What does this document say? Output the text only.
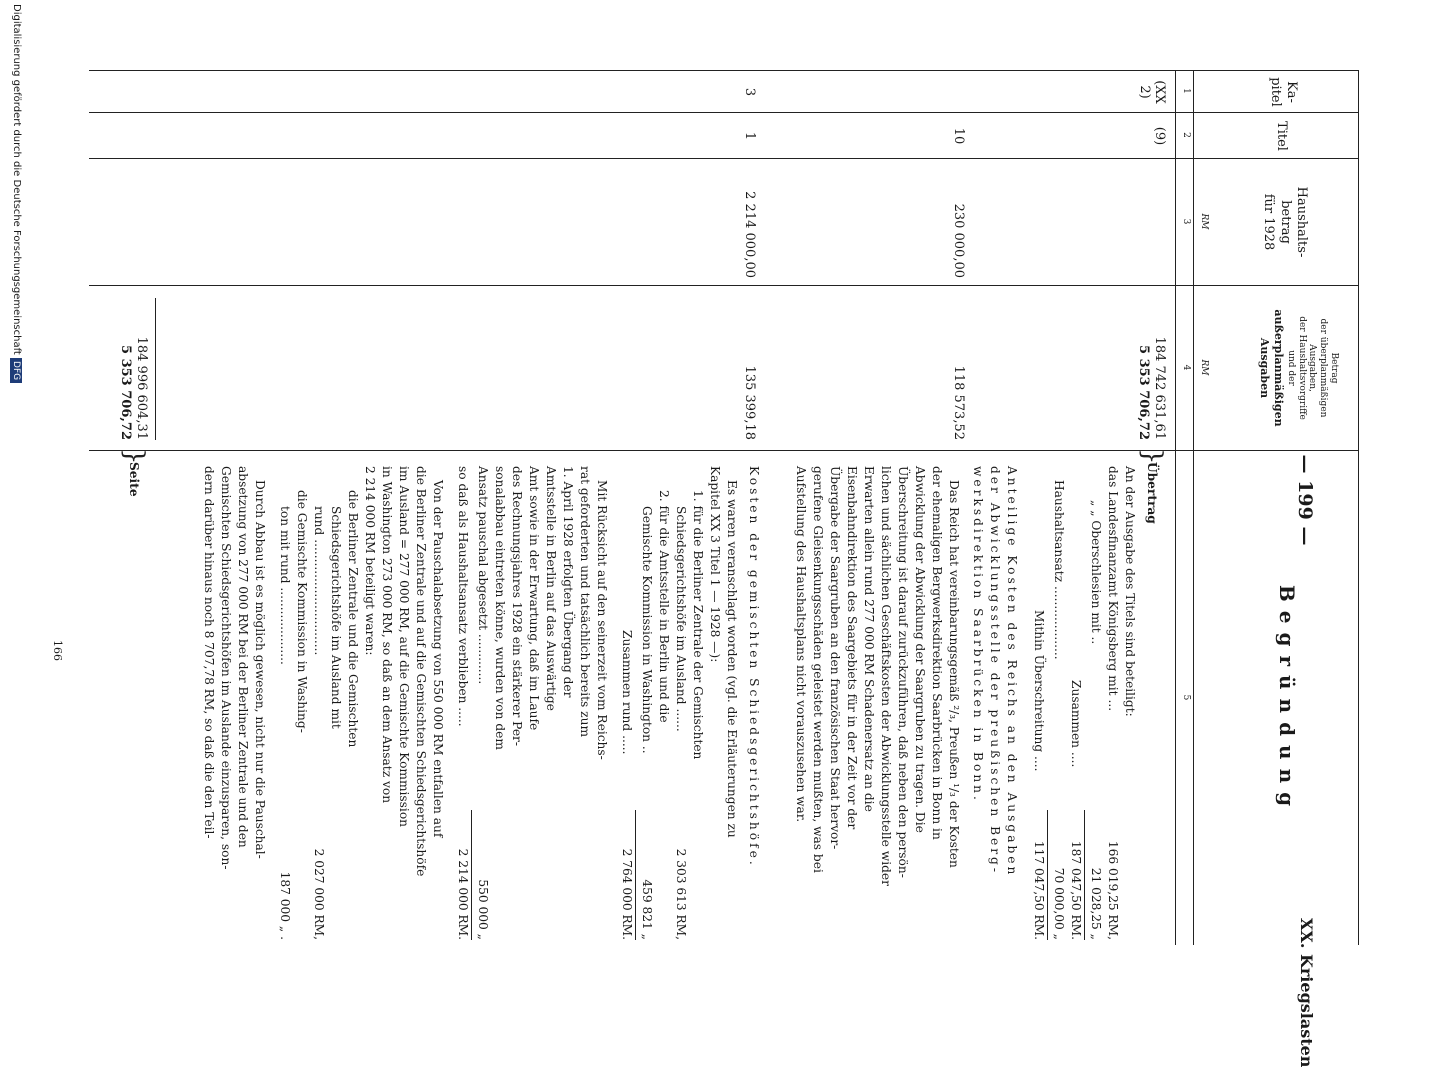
— 199 —
XX. Kriegslasten
Ka-
pitel
Titel
Haushalts-
betrag
für 1928
Betrag
der überplanmäßigen
Ausgaben,
der Haushaltsvorgriffe
und der
außerplanmäßigen
Ausgaben
Begründung
1
2
3
4
5
RM
RM
(XX 2)
(9)
184 742 631,61
5 353 706,72
10
230 000,00
118 573,52
3
1
2 214 000,00
135 399,18
184 996 604,31
5 353 706,72
Übertrag
Seite
}
}
An der Ausgabe des Titels sind beteiligt:
das Landesfinanzamt Königsberg mit ...
166 019,25 RM,
„ „ Oberschlesien mit ..
21 028,25 „
Zusammen ....
187 047,50 RM.
Haushaltsansatz ...................
70 000,00 „
Mithin Überschreitung ....
117 047,50 RM.
Anteilige Kosten des Reichs an den Ausgaben
der Abwicklungsstelle der preußischen Berg-
werksdirektion Saarbrücken in Bonn.
Das Reich hat vereinbarungsgemäß ²/₃, Preußen ¹/₃ der Kosten
der ehemaligen Bergwerksdirektion Saarbrücken in Bonn in
Abwicklung der Abwicklung der Saargruben zu tragen. Die
Überschreitung ist darauf zurückzuführen, daß neben den persön-
lichen und sächlichen Geschäftskosten der Abwicklungsstelle wider
Erwarten allein rund 277 000 RM Schadenersatz an die
Eisenbahndirektion des Saargebiets für in der Zeit vor der
Übergabe der Saargruben an den französischen Staat hervor-
gerufene Gleisenkungsschäden geleistet werden mußten, was bei
Aufstellung des Haushaltsplans nicht vorauszusehen war.
Kosten der gemischten Schiedsgerichtshöfe.
Es waren veranschlagt worden (vgl. die Erläuterungen zu
Kapitel XX 3 Titel 1 — 1928 —):
1. für die Berliner Zentrale der Gemischten
Schiedsgerichtshöfe im Ausland ......
2 303 613 RM,
2. für die Amtsstelle in Berlin und die
Gemischte Kommission in Washington ..
459 821 „
Zusammen rund .....
2 764 000 RM.
Mit Rücksicht auf den seinerzeit vom Reichs-
rat geforderten und tatsächlich bereits zum
1. April 1928 erfolgten Übergang der
Amtsstelle in Berlin auf das Auswärtige
Amt sowie in der Erwartung, daß im Laufe
des Rechnungsjahres 1928 ein stärkerer Per-
sonalabbau eintreten könne, wurden von dem
Ansatz pauschal abgesetzt .............
550 000 „
so daß als Haushaltsansatz verblieben .....
2 214 000 RM.
Von der Pauschalabsetzung von 550 000 RM entfallen auf
die Berliner Zentrale und auf die Gemischten Schiedsgerichtshöfe
im Ausland = 277 000 RM, auf die Gemischte Kommission
in Washington 273 000 RM, so daß an dem Ansatz von
2 214 000 RM beteiligt waren:
die Berliner Zentrale und die Gemischten
Schiedsgerichtshöfe im Ausland mit
rund ..............................
2 027 000 RM,
die Gemischte Kommission in Washing-
ton mit rund ....................
187 000 „ .
Durch Abbau ist es möglich gewesen, nicht nur die Pauschal-
absetzung von 277 000 RM bei der Berliner Zentrale und den
Gemischten Schiedsgerichtshöfen im Auslande einzusparen, son-
dern darüber hinaus noch 8 707,78 RM, so daß die den Teil-
166
Digitalisierung gefördert durch die Deutsche Forschungsgemeinschaft DFG
